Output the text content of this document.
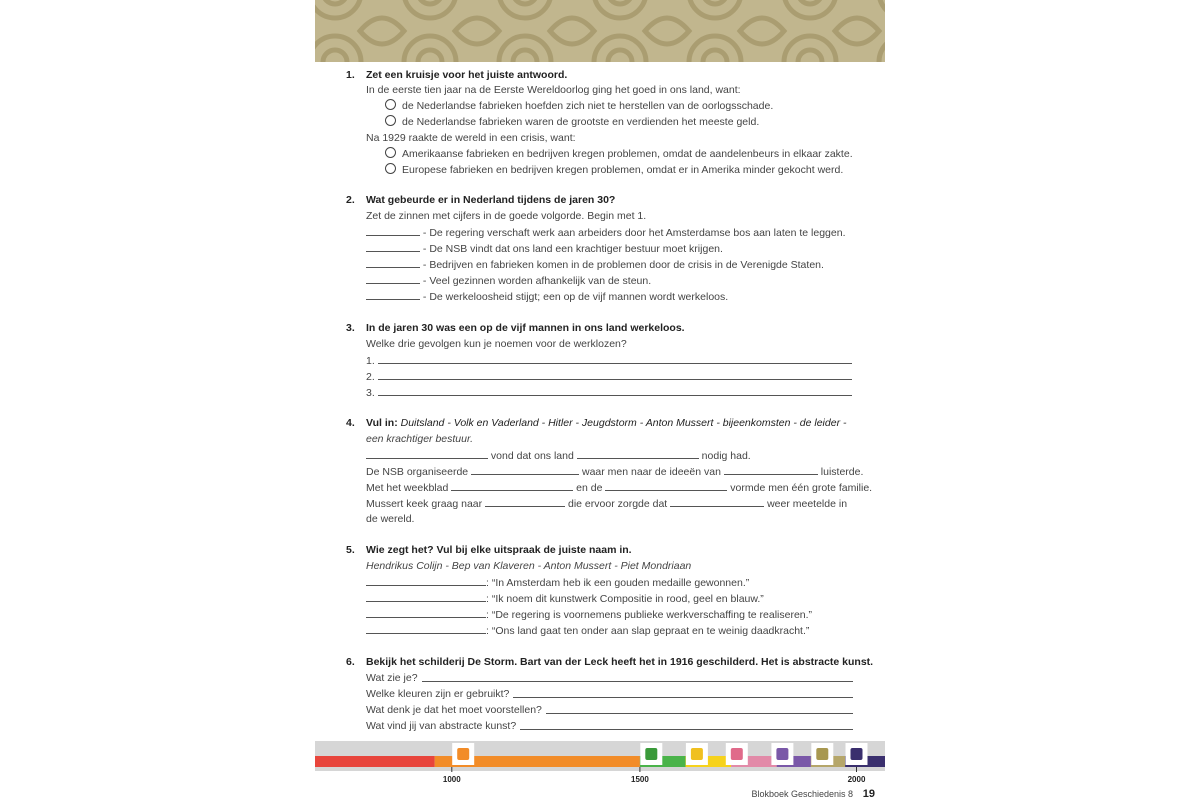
1. Zet een kruisje voor het juiste antwoord.
In de eerste tien jaar na de Eerste Wereldoorlog ging het goed in ons land, want:
de Nederlandse fabrieken hoefden zich niet te herstellen van de oorlogsschade.
de Nederlandse fabrieken waren de grootste en verdienden het meeste geld.
Na 1929 raakte de wereld in een crisis, want:
Amerikaanse fabrieken en bedrijven kregen problemen, omdat de aandelenbeurs in elkaar zakte.
Europese fabrieken en bedrijven kregen problemen, omdat er in Amerika minder gekocht werd.
2. Wat gebeurde er in Nederland tijdens de jaren 30?
Zet de zinnen met cijfers in de goede volgorde. Begin met 1.
- De regering verschaft werk aan arbeiders door het Amsterdamse bos aan laten te leggen.
- De NSB vindt dat ons land een krachtiger bestuur moet krijgen.
- Bedrijven en fabrieken komen in de problemen door de crisis in de Verenigde Staten.
- Veel gezinnen worden afhankelijk van de steun.
- De werkeloosheid stijgt; een op de vijf mannen wordt werkeloos.
3. In de jaren 30 was een op de vijf mannen in ons land werkeloos.
Welke drie gevolgen kun je noemen voor de werklozen?
1.
2.
3.
4. Vul in: Duitsland - Volk en Vaderland - Hitler - Jeugdstorm - Anton Mussert - bijeenkomsten - de leider -
een krachtiger bestuur.
vond dat ons land	nodig had.
De NSB organiseerde	waar men naar de ideeën van	luisterde.
Met het weekblad	en de	vormde men één grote familie.
Mussert keek graag naar	die ervoor zorgde dat	weer meetelde in
de wereld.
5. Wie zegt het? Vul bij elke uitspraak de juiste naam in.
Hendrikus Colijn - Bep van Klaveren - Anton Mussert - Piet Mondriaan
: “In Amsterdam heb ik een gouden medaille gewonnen.”
: “Ik noem dit kunstwerk Compositie in rood, geel en blauw.”
: “De regering is voornemens publieke werkverschaffing te realiseren.”
: “Ons land gaat ten onder aan slap gepraat en te weinig daadkracht.”
6. Bekijk het schilderij De Storm. Bart van der Leck heeft het in 1916 geschilderd. Het is abstracte kunst.
Wat zie je?
Welke kleuren zijn er gebruikt?
Wat denk je dat het moet voorstellen?
Wat vind jij van abstracte kunst?
1000	1500	2000
Blokboek Geschiedenis 8 19
